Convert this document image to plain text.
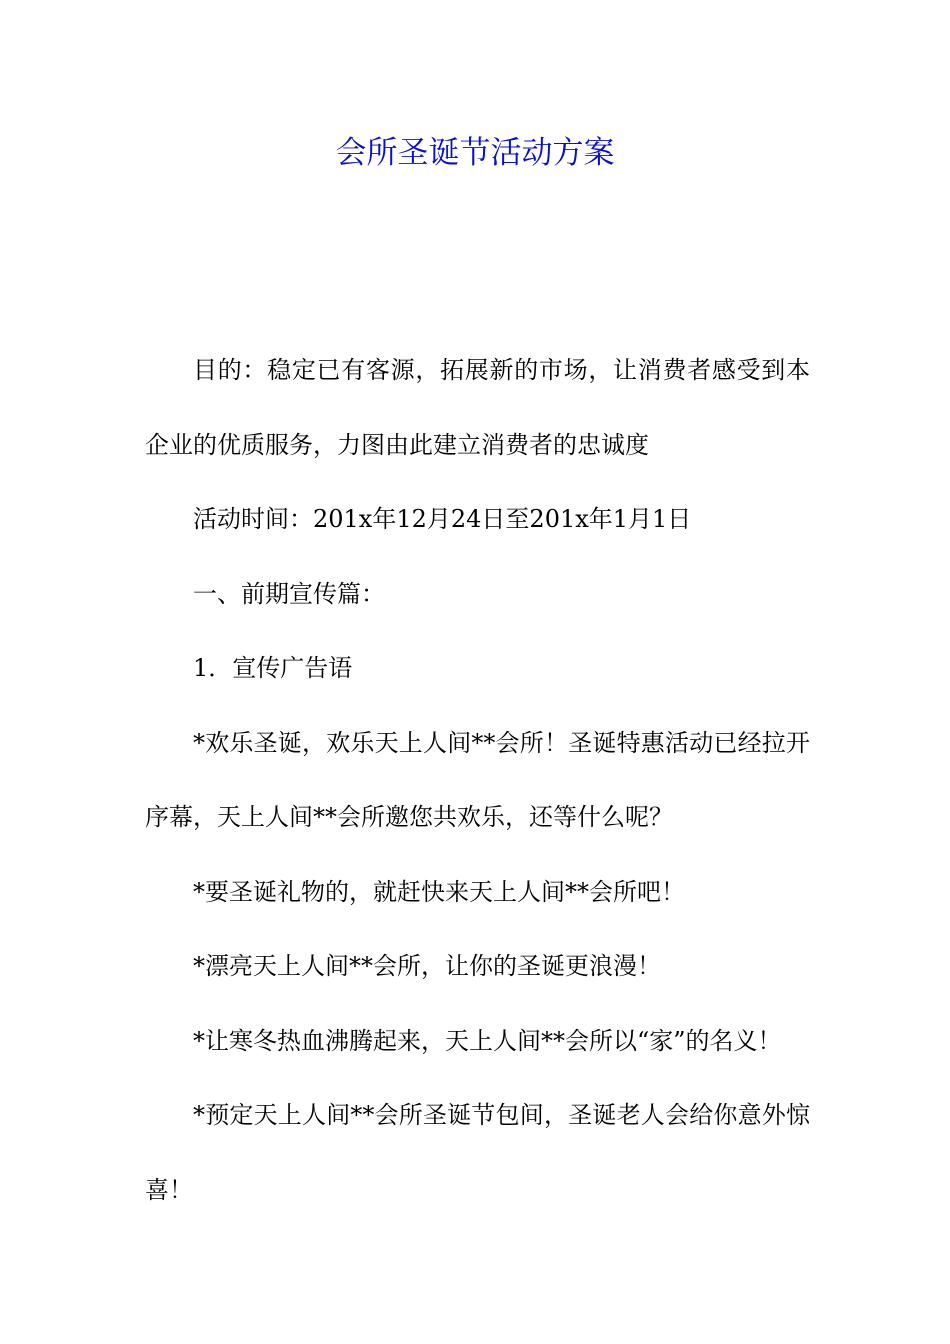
会所圣诞节活动方案

目的：稳定已有客源，拓展新的市场，让消费者感受到本企业的优质服务，力图由此建立消费者的忠诚度

活动时间：201x年12月24日至201x年1月1日

一、前期宣传篇：

1．宣传广告语

*欢乐圣诞，欢乐天上人间**会所！圣诞特惠活动已经拉开序幕，天上人间**会所邀您共欢乐，还等什么呢？

*要圣诞礼物的，就赶快来天上人间**会所吧！

*漂亮天上人间**会所，让你的圣诞更浪漫！

*让寒冬热血沸腾起来，天上人间**会所以“家”的名义！

*预定天上人间**会所圣诞节包间，圣诞老人会给你意外惊喜！
